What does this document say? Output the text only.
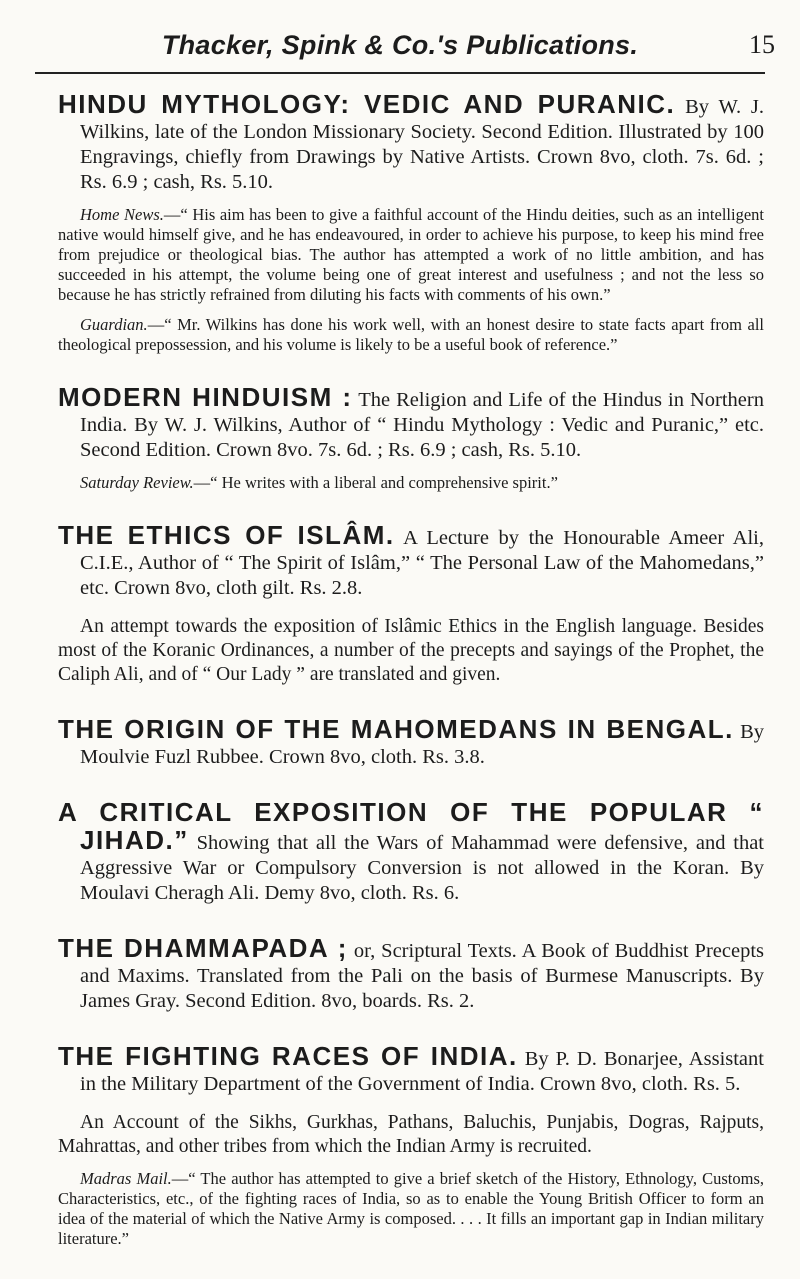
Thacker, Spink & Co.'s Publications.	15

HINDU MYTHOLOGY: VEDIC AND PURANIC. By W. J. Wilkins, late of the London Missionary Society. Second Edition. Illustrated by 100 Engravings, chiefly from Drawings by Native Artists. Crown 8vo, cloth. 7s. 6d. ; Rs. 6.9 ; cash, Rs. 5.10.

Home News.—“ His aim has been to give a faithful account of the Hindu deities, such as an intelligent native would himself give, and he has endeavoured, in order to achieve his purpose, to keep his mind free from prejudice or theological bias. The author has attempted a work of no little ambition, and has succeeded in his attempt, the volume being one of great interest and usefulness ; and not the less so because he has strictly refrained from diluting his facts with comments of his own.”

Guardian.—“ Mr. Wilkins has done his work well, with an honest desire to state facts apart from all theological prepossession, and his volume is likely to be a useful book of reference.”

MODERN HINDUISM : The Religion and Life of the Hindus in Northern India. By W. J. Wilkins, Author of “ Hindu Mythology : Vedic and Puranic,” etc. Second Edition. Crown 8vo. 7s. 6d. ; Rs. 6.9 ; cash, Rs. 5.10.

Saturday Review.—“ He writes with a liberal and comprehensive spirit.”

THE ETHICS OF ISLÂM. A Lecture by the Honourable Ameer Ali, C.I.E., Author of “ The Spirit of Islâm,” “ The Personal Law of the Mahomedans,” etc. Crown 8vo, cloth gilt. Rs. 2.8.

An attempt towards the exposition of Islâmic Ethics in the English language. Besides most of the Koranic Ordinances, a number of the precepts and sayings of the Prophet, the Caliph Ali, and of “ Our Lady ” are translated and given.

THE ORIGIN OF THE MAHOMEDANS IN BENGAL. By Moulvie Fuzl Rubbee. Crown 8vo, cloth. Rs. 3.8.

A CRITICAL EXPOSITION OF THE POPULAR “ JIHAD.” Showing that all the Wars of Mahammad were defensive, and that Aggressive War or Compulsory Conversion is not allowed in the Koran. By Moulavi Cheragh Ali. Demy 8vo, cloth. Rs. 6.

THE DHAMMAPADA ; or, Scriptural Texts. A Book of Buddhist Precepts and Maxims. Translated from the Pali on the basis of Burmese Manuscripts. By James Gray. Second Edition. 8vo, boards. Rs. 2.

THE FIGHTING RACES OF INDIA. By P. D. Bonarjee, Assistant in the Military Department of the Government of India. Crown 8vo, cloth. Rs. 5.

An Account of the Sikhs, Gurkhas, Pathans, Baluchis, Punjabis, Dogras, Rajputs, Mahrattas, and other tribes from which the Indian Army is recruited.

Madras Mail.—“ The author has attempted to give a brief sketch of the History, Ethnology, Customs, Characteristics, etc., of the fighting races of India, so as to enable the Young British Officer to form an idea of the material of which the Native Army is composed. . . . It fills an important gap in Indian military literature.”
